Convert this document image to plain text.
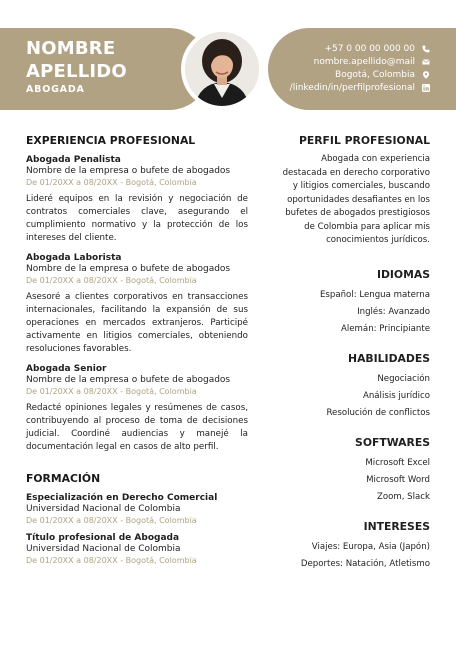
NOMBRE
APELLIDO
ABOGADA
+57 0 00 00 000 00
nombre.apellido@mail
Bogotá, Colombia
/linkedin/in/perfilprofesional
EXPERIENCIA PROFESIONAL
Abogada Penalista
Nombre de la empresa o bufete de abogados
De 01/20XX a 08/20XX - Bogotá, Colombia
Lideré equipos en la revisión y negociación de contratos comerciales clave, asegurando el cumplimiento normativo y la protección de los intereses del cliente.
Abogada Laborista
Nombre de la empresa o bufete de abogados
De 01/20XX a 08/20XX - Bogotá, Colombia
Asesoré a clientes corporativos en transacciones internacionales, facilitando la expansión de sus operaciones en mercados extranjeros. Participé activamente en litigios comerciales, obteniendo resoluciones favorables.
Abogada Senior
Nombre de la empresa o bufete de abogados
De 01/20XX a 08/20XX - Bogotá, Colombia
Redacté opiniones legales y resúmenes de casos, contribuyendo al proceso de toma de decisiones judicial. Coordiné audiencias y manejé la documentación legal en casos de alto perfil.
FORMACIÓN
Especialización en Derecho Comercial
Universidad Nacional de Colombia
De 01/20XX a 08/20XX - Bogotá, Colombia
Título profesional de Abogada
Universidad Nacional de Colombia
De 01/20XX a 08/20XX - Bogotá, Colombia
PERFIL PROFESIONAL
Abogada con experiencia destacada en derecho corporativo y litigios comerciales, buscando oportunidades desafiantes en los bufetes de abogados prestigiosos de Colombia para aplicar mis conocimientos jurídicos.
IDIOMAS
Español: Lengua materna
Inglés: Avanzado
Alemán: Principiante
HABILIDADES
Negociación
Análisis jurídico
Resolución de conflictos
SOFTWARES
Microsoft Excel
Microsoft Word
Zoom, Slack
INTERESES
Viajes: Europa, Asia (Japón)
Deportes: Natación, Atletismo
